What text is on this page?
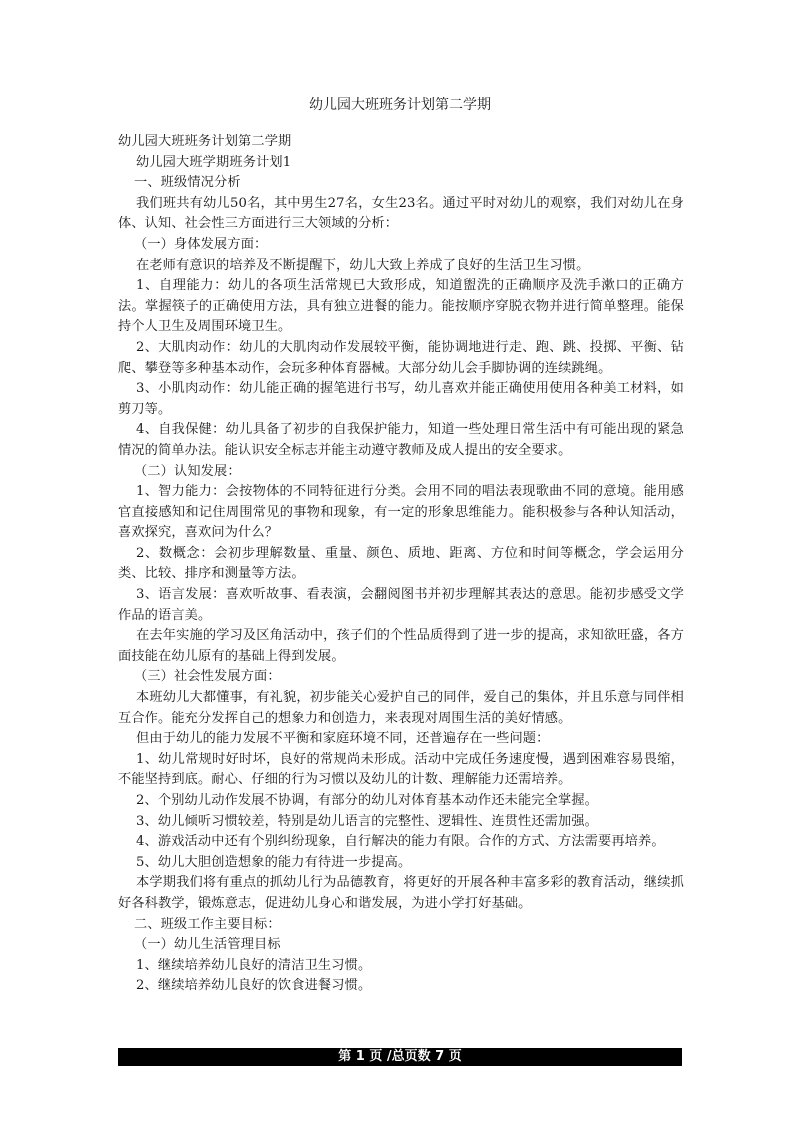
幼儿园大班班务计划第二学期

幼儿园大班班务计划第二学期

幼儿园大班学期班务计划1

一、班级情况分析

我们班共有幼儿50名，其中男生27名，女生23名。通过平时对幼儿的观察，我们对幼儿在身体、认知、社会性三方面进行三大领域的分析：

（一）身体发展方面：

在老师有意识的培养及不断提醒下，幼儿大致上养成了良好的生活卫生习惯。

1、自理能力：幼儿的各项生活常规已大致形成，知道盥洗的正确顺序及洗手漱口的正确方法。掌握筷子的正确使用方法，具有独立进餐的能力。能按顺序穿脱衣物并进行简单整理。能保持个人卫生及周围环境卫生。

2、大肌肉动作：幼儿的大肌肉动作发展较平衡，能协调地进行走、跑、跳、投掷、平衡、钻爬、攀登等多种基本动作，会玩多种体育器械。大部分幼儿会手脚协调的连续跳绳。

3、小肌肉动作：幼儿能正确的握笔进行书写，幼儿喜欢并能正确使用使用各种美工材料，如剪刀等。

4、自我保健：幼儿具备了初步的自我保护能力，知道一些处理日常生活中有可能出现的紧急情况的简单办法。能认识安全标志并能主动遵守教师及成人提出的安全要求。

（二）认知发展：

1、智力能力：会按物体的不同特征进行分类。会用不同的唱法表现歌曲不同的意境。能用感官直接感知和记住周围常见的事物和现象，有一定的形象思维能力。能积极参与各种认知活动，喜欢探究，喜欢问为什么？

2、数概念：会初步理解数量、重量、颜色、质地、距离、方位和时间等概念，学会运用分类、比较、排序和测量等方法。

3、语言发展：喜欢听故事、看表演，会翻阅图书并初步理解其表达的意思。能初步感受文学作品的语言美。

在去年实施的学习及区角活动中，孩子们的个性品质得到了进一步的提高，求知欲旺盛，各方面技能在幼儿原有的基础上得到发展。

（三）社会性发展方面：

本班幼儿大都懂事，有礼貌，初步能关心爱护自己的同伴，爱自己的集体，并且乐意与同伴相互合作。能充分发挥自己的想象力和创造力，来表现对周围生活的美好情感。

但由于幼儿的能力发展不平衡和家庭环境不同，还普遍存在一些问题：

1、幼儿常规时好时坏，良好的常规尚未形成。活动中完成任务速度慢，遇到困难容易畏缩，不能坚持到底。耐心、仔细的行为习惯以及幼儿的计数、理解能力还需培养。

2、个别幼儿动作发展不协调，有部分的幼儿对体育基本动作还未能完全掌握。

3、幼儿倾听习惯较差，特别是幼儿语言的完整性、逻辑性、连贯性还需加强。

4、游戏活动中还有个别纠纷现象，自行解决的能力有限。合作的方式、方法需要再培养。

5、幼儿大胆创造想象的能力有待进一步提高。

本学期我们将有重点的抓幼儿行为品德教育，将更好的开展各种丰富多彩的教育活动，继续抓好各科教学，锻炼意志，促进幼儿身心和谐发展，为进小学打好基础。

二、班级工作主要目标：

（一）幼儿生活管理目标

1、继续培养幼儿良好的清洁卫生习惯。

2、继续培养幼儿良好的饮食进餐习惯。

第 1 页 /总页数 7 页
